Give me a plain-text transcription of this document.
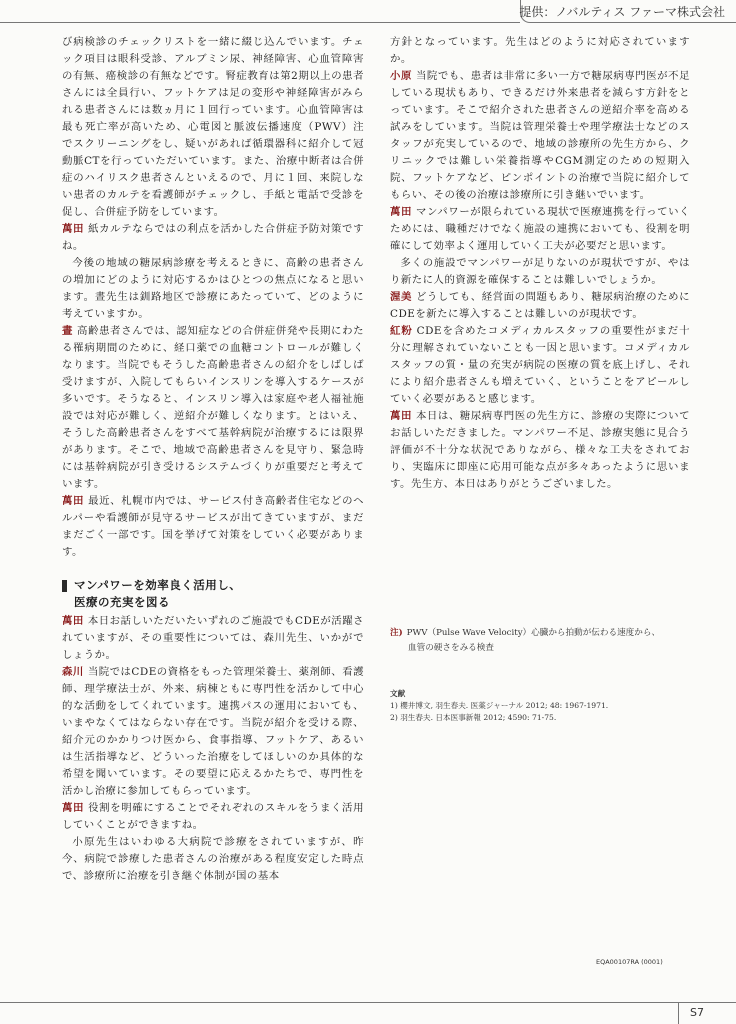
提供：ノバルティス ファーマ株式会社

び病検診のチェックリストを一緒に綴じ込んでいます。チェック項目は眼科受診、アルブミン尿、神経障害、心血管障害の有無、癌検診の有無などです。腎症教育は第2期以上の患者さんには全員行い、フットケアは足の変形や神経障害がみられる患者さんには数ヵ月に１回行っています。心血管障害は最も死亡率が高いため、心電図と脈波伝播速度（PWV）注 でスクリーニングをし、疑いがあれば循環器科に紹介して冠動脈CTを行っていただいています。また、治療中断者は合併症のハイリスク患者さんといえるので、月に１回、来院しない患者のカルテを看護師がチェックし、手紙と電話で受診を促し、合併症予防をしています。

萬田 紙カルテならではの利点を活かした合併症予防対策ですね。

今後の地域の糖尿病診療を考えるときに、高齢の患者さんの増加にどのように対応するかはひとつの焦点になると思います。晝先生は釧路地区で診療にあたっていて、どのように考えていますか。

晝 高齢患者さんでは、認知症などの合併症併発や長期にわたる罹病期間のために、経口薬での血糖コントロールが難しくなります。当院でもそうした高齢患者さんの紹介をしばしば受けますが、入院してもらいインスリンを導入するケースが多いです。そうなると、インスリン導入は家庭や老人福祉施設では対応が難しく、逆紹介が難しくなります。とはいえ、そうした高齢患者さんをすべて基幹病院が治療するには限界があります。そこで、地域で高齢患者さんを見守り、緊急時には基幹病院が引き受けるシステムづくりが重要だと考えています。

萬田 最近、札幌市内では、サービス付き高齢者住宅などのヘルパーや看護師が見守るサービスが出てきていますが、まだまだごく一部です。国を挙げて対策をしていく必要があります。

マンパワーを効率良く活用し、
医療の充実を図る

萬田 本日お話しいただいたいずれのご施設でもCDEが活躍されていますが、その重要性については、森川先生、いかがでしょうか。

森川 当院ではCDEの資格をもった管理栄養士、薬剤師、看護師、理学療法士が、外来、病棟ともに専門性を活かして中心的な活動をしてくれています。連携パスの運用においても、いまやなくてはならない存在です。当院が紹介を受ける際、紹介元のかかりつけ医から、食事指導、フットケア、あるいは生活指導など、どういった治療をしてほしいのか具体的な希望を聞いています。その要望に応えるかたちで、専門性を活かし治療に参加してもらっています。

萬田 役割を明確にすることでそれぞれのスキルをうまく活用していくことができますね。

小原先生はいわゆる大病院で診療をされていますが、昨今、病院で診療した患者さんの治療がある程度安定した時点で、診療所に治療を引き継ぐ体制が国の基本

方針となっています。先生はどのように対応されていますか。

小原 当院でも、患者は非常に多い一方で糖尿病専門医が不足している現状もあり、できるだけ外来患者を減らす方針をとっています。そこで紹介された患者さんの逆紹介率を高める試みをしています。当院は管理栄養士や理学療法士などのスタッフが充実しているので、地域の診療所の先生方から、クリニックでは難しい栄養指導やCGM測定のための短期入院、フットケアなど、ピンポイントの治療で当院に紹介してもらい、その後の治療は診療所に引き継いでいます。

萬田 マンパワーが限られている現状で医療連携を行っていくためには、職種だけでなく施設の連携においても、役割を明確にして効率よく運用していく工夫が必要だと思います。

多くの施設でマンパワーが足りないのが現状ですが、やはり新たに人的資源を確保することは難しいでしょうか。

渥美 どうしても、経営面の問題もあり、糖尿病治療のためにCDEを新たに導入することは難しいのが現状です。

紅粉 CDEを含めたコメディカルスタッフの重要性がまだ十分に理解されていないことも一因と思います。コメディカルスタッフの質・量の充実が病院の医療の質を底上げし、それにより紹介患者さんも増えていく、ということをアピールしていく必要があると感じます。

萬田 本日は、糖尿病専門医の先生方に、診療の実際についてお話しいただきました。マンパワー不足、診療実態に見合う評価が不十分な状況でありながら、様々な工夫をされており、実臨床に即座に応用可能な点が多々あったように思います。先生方、本日はありがとうございました。

注) PWV（Pulse Wave Velocity）心臓から拍動が伝わる速度から、
血管の硬さをみる検査
文献
1) 櫻井博文, 羽生春夫. 医薬ジャーナル 2012; 48: 1967-1971.
2) 羽生春夫. 日本医事新報 2012; 4590: 71-75.
EQA00107RA (0001)
S7
